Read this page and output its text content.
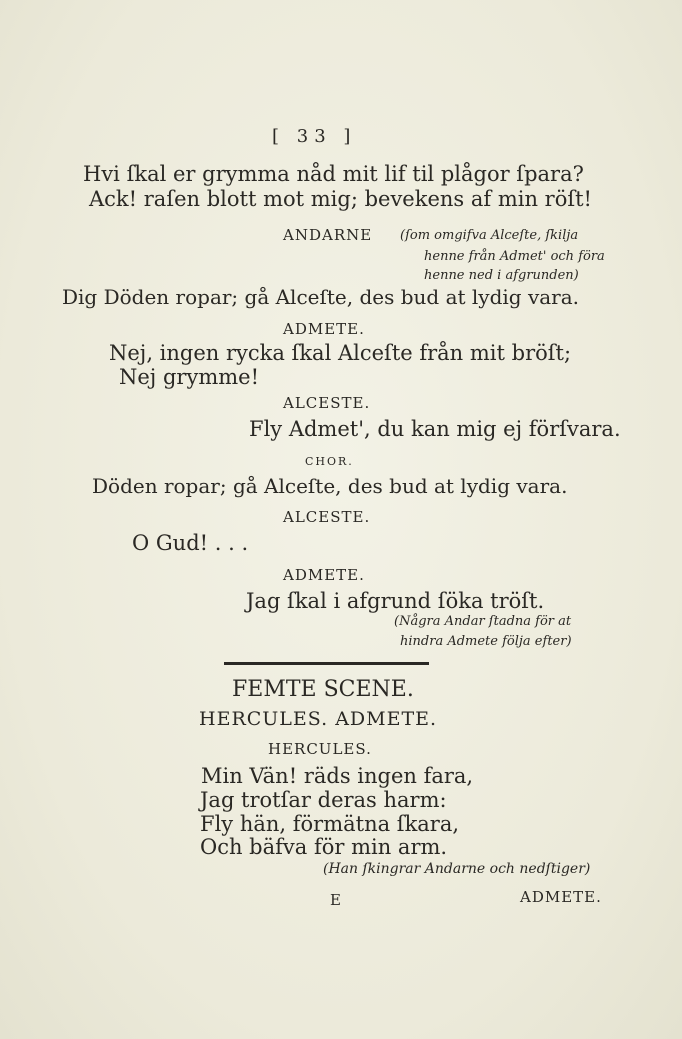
[ 33 ]
Hvi ſkal er grymma nåd mit lif til plågor ſpara?
Ack! raſen blott mot mig; bevekens af min röſt!
ANDARNE (ſom omgifva Alceſte, ſkilja
henne från Admet' och föra
henne ned i afgrunden)
Dig Döden ropar; gå Alceſte, des bud at lydig vara.
ADMETE.
Nej, ingen rycka ſkal Alceſte från mit bröſt;
Nej grymme!
ALCESTE.
Fly Admet', du kan mig ej förſvara.
CHOR.
Döden ropar; gå Alceſte, des bud at lydig vara.
ALCESTE.
O Gud! . . .
ADMETE.
Jag ſkal i afgrund ſöka tröſt.
(Några Andar ſtadna för at
hindra Admete följa efter)
FEMTE SCENE.
HERCULES. ADMETE.
HERCULES.
Min Vän! räds ingen fara,
Jag trotſar deras harm:
Fly hän, förmätna ſkara,
Och bäfva för min arm.
(Han ſkingrar Andarne och nedſtiger)
E	ADMETE.
